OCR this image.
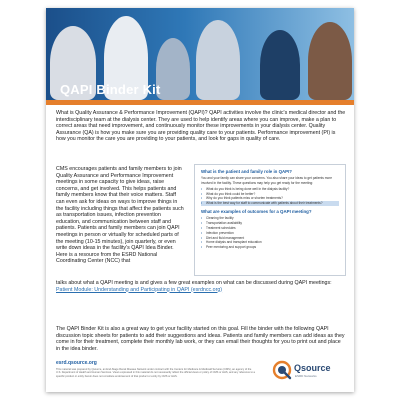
QAPI Binder Kit

What is Quality Assurance & Performance Improvement (QAPI)? QAPI activities involve the clinic's medical director and the interdisciplinary team at the dialysis center. They are used to help identify areas where you can improve, make a plan to correct areas that need improvement, and continuously monitor these improvements in your dialysis center. Quality Assurance (QA) is how you make sure you are providing quality care to your patients. Performance improvement (PI) is how you monitor the care you are providing to your patients, and look for gaps in quality of care.

CMS encourages patients and family members to join Quality Assurance and Performance Improvement meetings in some capacity to give ideas, raise concerns, and get involved. This helps patients and family members know that their voice matters. Staff can even ask for ideas on ways to improve things in the facility including things that affect the patients such as transportation issues, infection prevention education, and communication between staff and patients. Patients and family members can join QAPI meetings in person or virtually for scheduled parts of the meeting (10-15 minutes), join quarterly, or even write down ideas in the facility's QAPI Idea Binder. Here is a resource from the ESRD National Coordinating Center (NCC) that

What is the patient and family role in QAPI?
You and your family can share your concerns. You also share your ideas to get patients more involved in the facility. These questions may help you get ready for the meeting:
• What do you think is being done well in the dialysis facility?
• What do you think could be better?
• Why do you think patients miss or shorten treatments?
• What is the best way for staff to communicate with patients about their treatments?
What are examples of outcomes for a QAPI meeting?
• Cleaning the facility
• Transportation availability
• Treatment schedules
• Infection prevention
• Diet and fluid management
• Home dialysis and transplant education
• Peer mentoring and support groups

talks about what a QAPI meeting is and gives a few great examples on what can be discussed during QAPI meetings: Patient Module: Understanding and Participating in QAPI (esrdncc.org)

The QAPI Binder Kit is also a great way to get your facility started on this goal. Fill the binder with the following QAPI discussion topic sheets for patients to add their suggestions and ideas. Patients and family members can add ideas as they come in for their treatment, complete their monthly lab work, or they can email their thoughts for you to print out and place in the idea binder.

esrd.qsource.org

This material was prepared by Qsource, an End-Stage Renal Disease Network under contract with the Centers for Medicare & Medicaid Services (CMS), an agency of the U.S. Department of Health and Human Services. Views expressed in this material do not necessarily reflect the official views or policy of CMS or HHS, and any reference to a specific product or entity herein does not constitute endorsement of that product or entity by CMS or HHS.

Qsource
ESRD Networks
